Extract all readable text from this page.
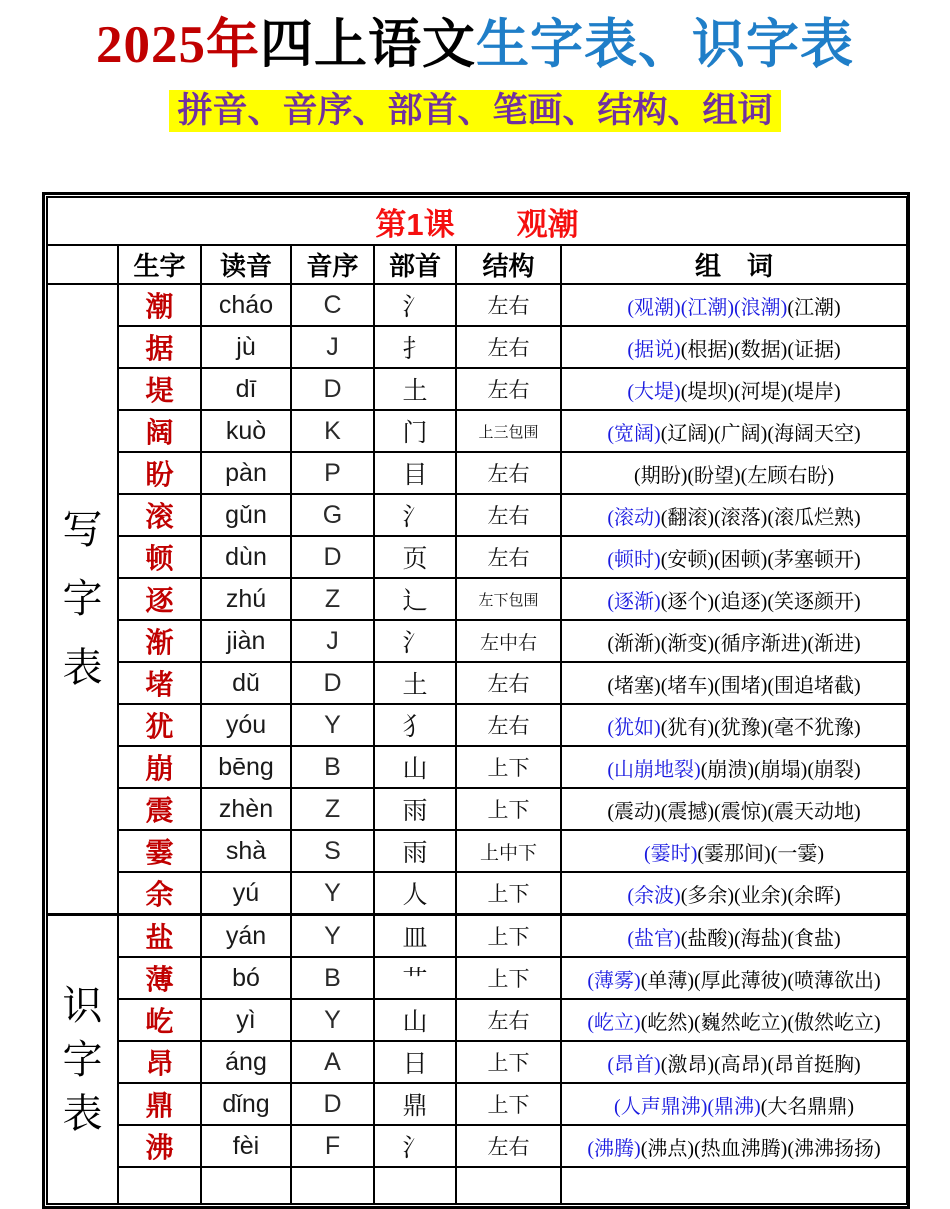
2025年四上语文生字表、识字表
拼音、音序、部首、笔画、结构、组词
第1课　　观潮						
	生字	读音	音序	部首	结构	组　词

写
字
表	潮	cháo	C	氵	左右	(观潮)(江潮)(浪潮)(江潮)
	据	jù	J	扌	左右	(据说)(根据)(数据)(证据)
	堤	dī	D	土	左右	(大堤)(堤坝)(河堤)(堤岸)
	阔	kuò	K	门	上三包围	(宽阔)(辽阔)(广阔)(海阔天空)
	盼	pàn	P	目	左右	(期盼)(盼望)(左顾右盼)
	滚	gǔn	G	氵	左右	(滚动)(翻滚)(滚落)(滚瓜烂熟)
	顿	dùn	D	页	左右	(顿时)(安顿)(困顿)(茅塞顿开)
	逐	zhú	Z	辶	左下包围	(逐渐)(逐个)(追逐)(笑逐颜开)
	渐	jiàn	J	氵	左中右	(渐渐)(渐变)(循序渐进)(渐进)
	堵	dǔ	D	土	左右	(堵塞)(堵车)(围堵)(围追堵截)
	犹	yóu	Y	犭	左右	(犹如)(犹有)(犹豫)(毫不犹豫)
	崩	bēng	B	山	上下	(山崩地裂)(崩溃)(崩塌)(崩裂)
	震	zhèn	Z	雨	上下	(震动)(震撼)(震惊)(震天动地)
	霎	shà	S	雨	上中下	(霎时)(霎那间)(一霎)
	余	yú	Y	人	上下	(余波)(多余)(业余)(余晖)

识
字
表	盐	yán	Y	皿	上下	(盐官)(盐酸)(海盐)(食盐)
	薄	bó	B	艹	上下	(薄雾)(单薄)(厚此薄彼)(喷薄欲出)
	屹	yì	Y	山	左右	(屹立)(屹然)(巍然屹立)(傲然屹立)
	昂	áng	A	日	上下	(昂首)(激昂)(高昂)(昂首挺胸)
	鼎	dǐng	D	鼎	上下	(人声鼎沸)(鼎沸)(大名鼎鼎)
	沸	fèi	F	氵	左右	(沸腾)(沸点)(热血沸腾)(沸沸扬扬)
